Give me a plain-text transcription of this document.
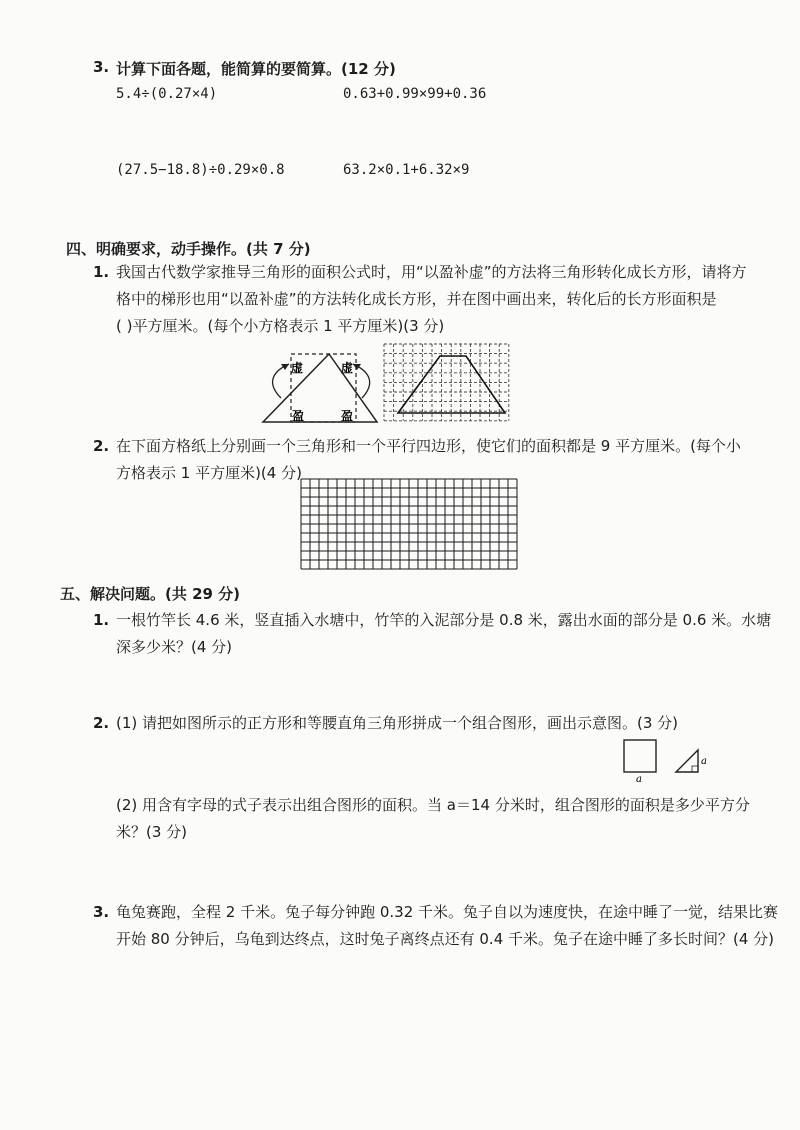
3. 计算下面各题，能简算的要简算。(12 分)
5.4÷(0.27×4)	0.63+0.99×99+0.36
(27.5−18.8)÷0.29×0.8	63.2×0.1+6.32×9
四、明确要求，动手操作。(共 7 分)
1. 我国古代数学家推导三角形的面积公式时，用“以盈补虚”的方法将三角形转化成长方形，请将方
格中的梯形也用“以盈补虚”的方法转化成长方形，并在图中画出来，转化后的长方形面积是
( )平方厘米。(每个小方格表示 1 平方厘米)(3 分)
虚	虚
盈	盈
2. 在下面方格纸上分别画一个三角形和一个平行四边形，使它们的面积都是 9 平方厘米。(每个小
方格表示 1 平方厘米)(4 分)
五、解决问题。(共 29 分)
1. 一根竹竿长 4.6 米，竖直插入水塘中，竹竿的入泥部分是 0.8 米，露出水面的部分是 0.6 米。水塘
深多少米？(4 分)
2. (1) 请把如图所示的正方形和等腰直角三角形拼成一个组合图形，画出示意图。(3 分)
a
a
(2) 用含有字母的式子表示出组合图形的面积。当 a＝14 分米时，组合图形的面积是多少平方分
米？(3 分)
3. 龟兔赛跑，全程 2 千米。兔子每分钟跑 0.32 千米。兔子自以为速度快，在途中睡了一觉，结果比赛
开始 80 分钟后，乌龟到达终点，这时兔子离终点还有 0.4 千米。兔子在途中睡了多长时间？(4 分)
